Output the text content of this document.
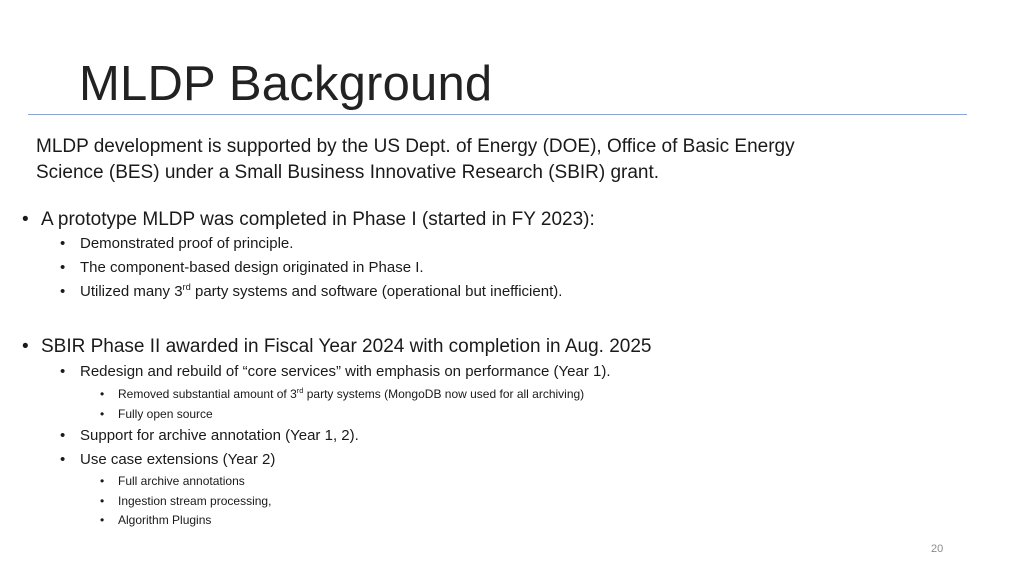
MLDP Background

MLDP development is supported by the US Dept. of Energy (DOE), Office of Basic Energy

Science (BES) under a Small Business Innovative Research (SBIR) grant.

• A prototype MLDP was completed in Phase I (started in FY 2023):
• Demonstrated proof of principle.
• The component-based design originated in Phase I.
• Utilized many 3rd party systems and software (operational but inefficient).
• SBIR Phase II awarded in Fiscal Year 2024 with completion in Aug. 2025
• Redesign and rebuild of “core services” with emphasis on performance (Year 1).
• Removed substantial amount of 3rd party systems (MongoDB now used for all archiving)
• Fully open source
• Support for archive annotation (Year 1, 2).
• Use case extensions (Year 2)
• Full archive annotations
• Ingestion stream processing,
• Algorithm Plugins
20
